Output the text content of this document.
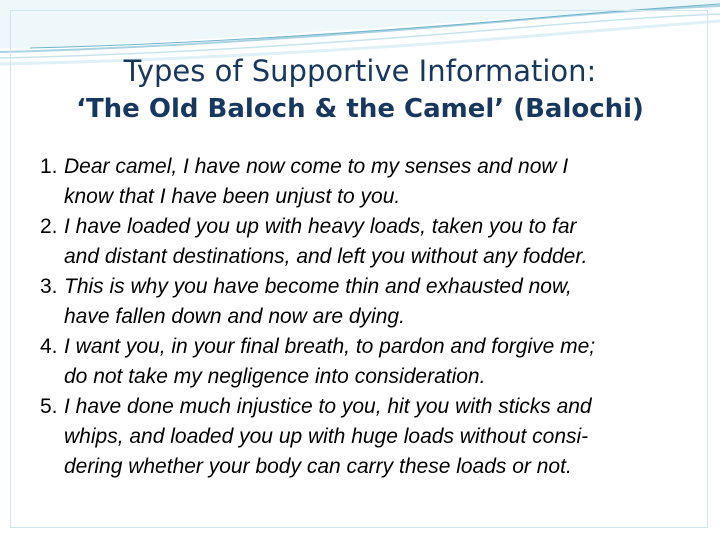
Types of Supportive Information:
‘The Old Baloch & the Camel’ (Balochi)
1. Dear camel, I have now come to my senses and now I
know that I have been unjust to you.
2. I have loaded you up with heavy loads, taken you to far
and distant destinations, and left you without any fodder.
3. This is why you have become thin and exhausted now,
have fallen down and now are dying.
4. I want you, in your final breath, to pardon and forgive me;
do not take my negligence into consideration.
5. I have done much injustice to you, hit you with sticks and
whips, and loaded you up with huge loads without consi-
dering whether your body can carry these loads or not.
